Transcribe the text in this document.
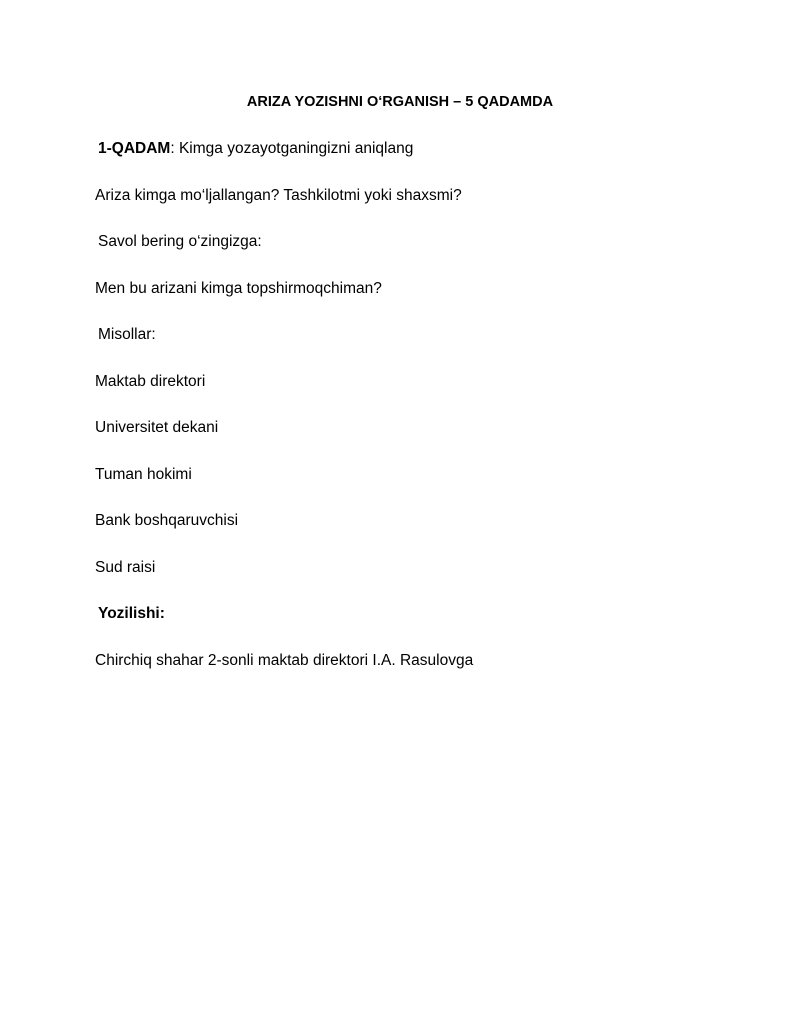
ARIZA YOZISHNI O‘RGANISH – 5 QADAMDA
1-QADAM: Kimga yozayotganingizni aniqlang
Ariza kimga mo‘ljallangan? Tashkilotmi yoki shaxsmi?
Savol bering o‘zingizga:
Men bu arizani kimga topshirmoqchiman?
Misollar:
Maktab direktori
Universitet dekani
Tuman hokimi
Bank boshqaruvchisi
Sud raisi
Yozilishi:
Chirchiq shahar 2-sonli maktab direktori I.A. Rasulovga
